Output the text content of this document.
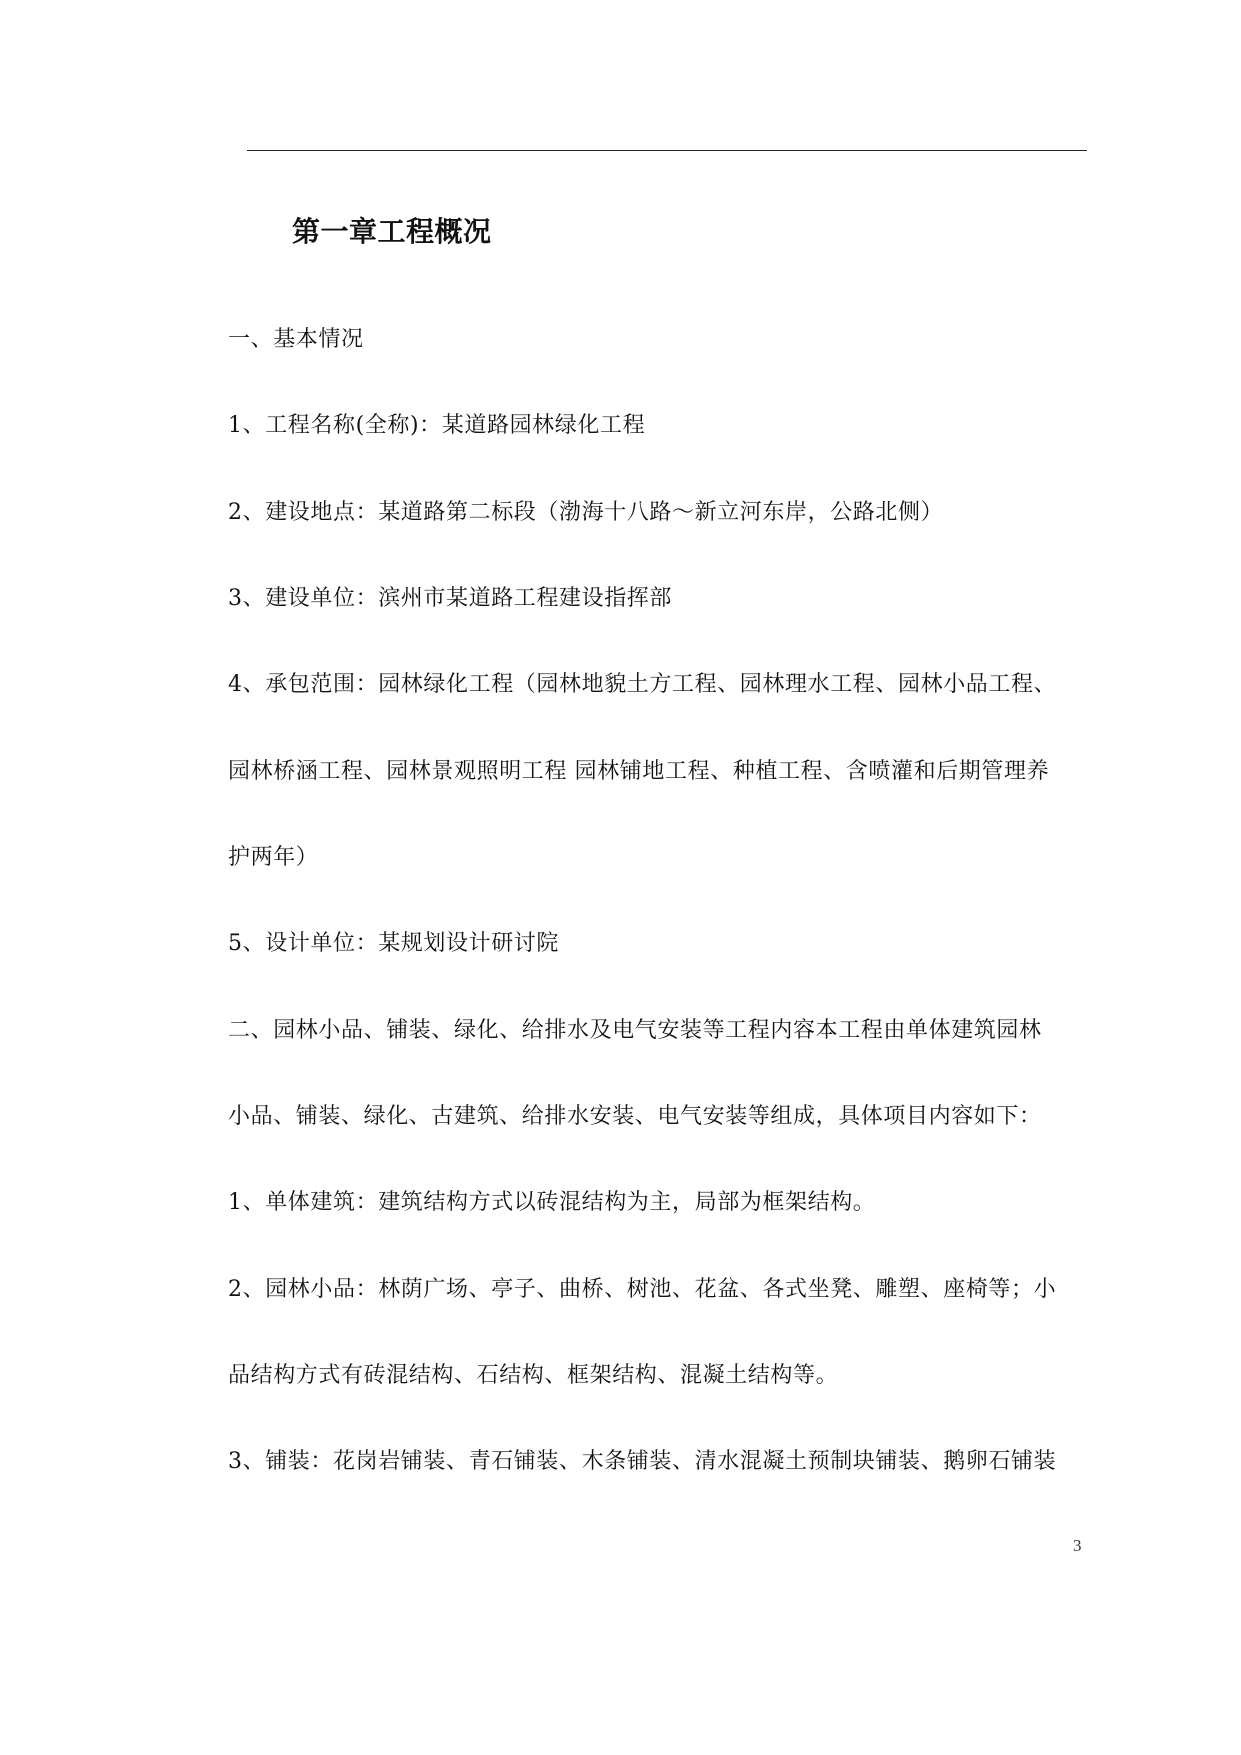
第一章工程概况
一、基本情况
1、工程名称(全称)：某道路园林绿化工程
2、建设地点：某道路第二标段（渤海十八路～新立河东岸，公路北侧）
3、建设单位：滨州市某道路工程建设指挥部
4、承包范围：园林绿化工程（园林地貌土方工程、园林理水工程、园林小品工程、
园林桥涵工程、园林景观照明工程 园林铺地工程、种植工程、含喷灌和后期管理养
护两年）
5、设计单位：某规划设计研讨院
二、园林小品、铺装、绿化、给排水及电气安装等工程内容本工程由单体建筑园林
小品、铺装、绿化、古建筑、给排水安装、电气安装等组成，具体项目内容如下：
1、单体建筑：建筑结构方式以砖混结构为主，局部为框架结构。
2、园林小品：林荫广场、亭子、曲桥、树池、花盆、各式坐凳、雕塑、座椅等；小
品结构方式有砖混结构、石结构、框架结构、混凝土结构等。
3、铺装：花岗岩铺装、青石铺装、木条铺装、清水混凝土预制块铺装、鹅卵石铺装
3
